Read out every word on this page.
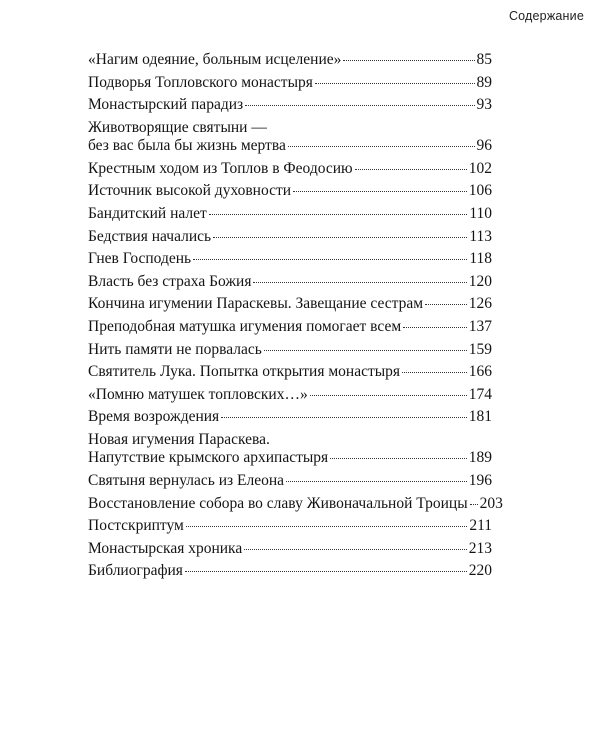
Содержание
«Нагим одеяние, больным исцеление»	85
Подворья Топловского монастыря	89
Монастырский парадиз	93
Животворящие святыни —
без вас была бы жизнь мертва	96
Крестным ходом из Топлов в Феодосию	102
Источник высокой духовности	106
Бандитский налет	110
Бедствия начались	113
Гнев Господень	118
Власть без страха Божия	120
Кончина игумении Параскевы. Завещание сестрам	126
Преподобная матушка игумения помогает всем	137
Нить памяти не порвалась	159
Святитель Лука. Попытка открытия монастыря	166
«Помню матушек топловских…»	174
Время возрождения	181
Новая игумения Параскева.
Напутствие крымского архипастыря	189
Святыня вернулась из Елеона	196
Восстановление собора во славу Живоначальной Троицы 203
Постскриптум	211
Монастырская хроника	213
Библиография	220
